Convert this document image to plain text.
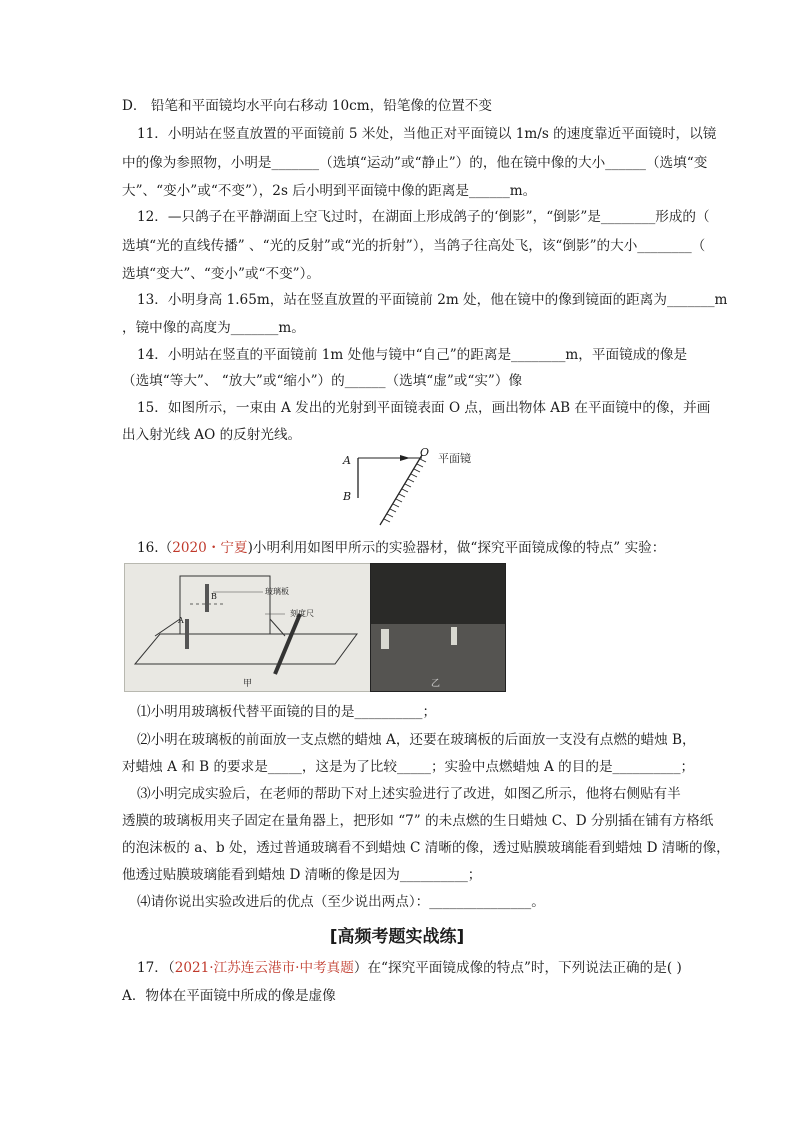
D． 铅笔和平面镜均水平向右移动 10cm，铅笔像的位置不变
11．小明站在竖直放置的平面镜前 5 米处，当他正对平面镜以 1m/s 的速度靠近平面镜时，以镜
中的像为参照物，小明是_______（选填“运动”或“静止”）的，他在镜中像的大小______（选填“变
大”、“变小”或“不变”），2s 后小明到平面镜中像的距离是______m。
12．—只鸽子在平静湖面上空飞过时，在湖面上形成鸽子的‘倒影”，“倒影”是________形成的（
选填“光的直线传播” 、“光的反射”或“光的折射”），当鸽子往高处飞，该“倒影”的大小________（
选填“变大”、“变小”或“不变”）。
13．小明身高 1.65m，站在竖直放置的平面镜前 2m 处，他在镜中的像到镜面的距离为_______m
，镜中像的高度为_______m。
14．小明站在竖直的平面镜前 1m 处他与镜中“自己”的距离是________m，平面镜成的像是
（选填“等大”、 “放大”或“缩小”）的______（选填“虚”或“实”）像
15．如图所示，一束由 A 发出的光射到平面镜表面 O 点，画出物体 AB 在平面镜中的像，并画
出入射光线 AO 的反射光线。
A
B
O 平面镜
16.（2020・宁夏)小明利用如图甲所示的实验器材，做“探究平面镜成像的特点” 实验：
玻璃板
刻度尺
A
B
甲	乙
⑴小明用玻璃板代替平面镜的目的是__________；
⑵小明在玻璃板的前面放一支点燃的蜡烛 A，还要在玻璃板的后面放一支没有点燃的蜡烛 B，
对蜡烛 A 和 B 的要求是_____，这是为了比较_____；实验中点燃蜡烛 A 的目的是__________；
⑶小明完成实验后，在老师的帮助下对上述实验进行了改进，如图乙所示，他将右侧贴有半
透膜的玻璃板用夹子固定在量角器上，把形如 “7” 的未点燃的生日蜡烛 C、D 分别插在铺有方格纸
的泡沫板的 a、b 处，透过普通玻璃看不到蜡烛 C 清晰的像，透过贴膜玻璃能看到蜡烛 D 清晰的像，
他透过贴膜玻璃能看到蜡烛 D 清晰的像是因为__________；
⑷请你说出实验改进后的优点（至少说出两点）：_______________。
[高频考题实战练]
17．（2021·江苏连云港市·中考真题）在“探究平面镜成像的特点”时，下列说法正确的是( )
A．物体在平面镜中所成的像是虚像
